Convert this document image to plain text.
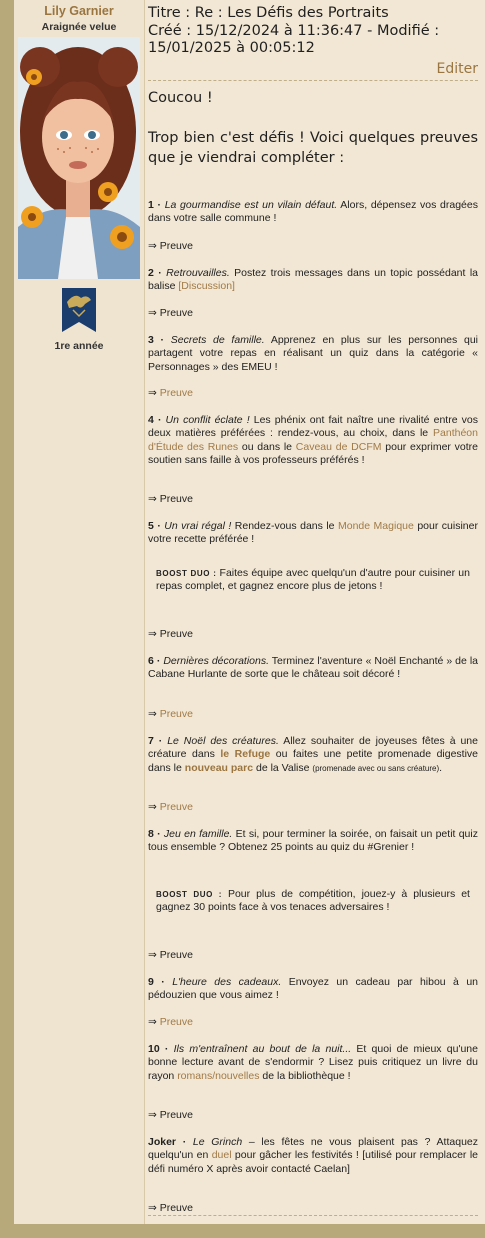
Lily Garnier
Araignée velue
1re année
Titre : Re : Les Défis des Portraits
Créé : 15/12/2024 à 11:36:47 - Modifié : 15/01/2025 à 00:05:12
Editer
Coucou !
Trop bien c'est défis ! Voici quelques preuves que je viendrai compléter :
1 · La gourmandise est un vilain défaut. Alors, dépensez vos dragées dans votre salle commune !
⇒ Preuve
2 · Retrouvailles. Postez trois messages dans un topic possédant la balise [Discussion]
⇒ Preuve
3 · Secrets de famille. Apprenez en plus sur les personnes qui partagent votre repas en réalisant un quiz dans la catégorie « Personnages » des EMEU !
⇒ Preuve
4 · Un conflit éclate ! Les phénix ont fait naître une rivalité entre vos deux matières préférées : rendez-vous, au choix, dans le Panthéon d'Étude des Runes ou dans le Caveau de DCFM pour exprimer votre soutien sans faille à vos professeurs préférés !
⇒ Preuve
5 · Un vrai régal ! Rendez-vous dans le Monde Magique pour cuisiner votre recette préférée !
BOOST DUO : Faites équipe avec quelqu'un d'autre pour cuisiner un repas complet, et gagnez encore plus de jetons !
⇒ Preuve
6 · Dernières décorations. Terminez l'aventure « Noël Enchanté » de la Cabane Hurlante de sorte que le château soit décoré !
⇒ Preuve
7 · Le Noël des créatures. Allez souhaiter de joyeuses fêtes à une créature dans le Refuge ou faites une petite promenade digestive dans le nouveau parc de la Valise (promenade avec ou sans créature).
⇒ Preuve
8 · Jeu en famille. Et si, pour terminer la soirée, on faisait un petit quiz tous ensemble ? Obtenez 25 points au quiz du #Grenier !
BOOST DUO : Pour plus de compétition, jouez-y à plusieurs et gagnez 30 points face à vos tenaces adversaires !
⇒ Preuve
9 · L'heure des cadeaux. Envoyez un cadeau par hibou à un pédouzien que vous aimez !
⇒ Preuve
10 · Ils m'entraînent au bout de la nuit... Et quoi de mieux qu'une bonne lecture avant de s'endormir ? Lisez puis critiquez un livre du rayon romans/nouvelles de la bibliothèque !
⇒ Preuve
Joker · Le Grinch – les fêtes ne vous plaisent pas ? Attaquez quelqu'un en duel pour gâcher les festivités ! [utilisé pour remplacer le défi numéro X après avoir contacté Caelan]
⇒ Preuve
